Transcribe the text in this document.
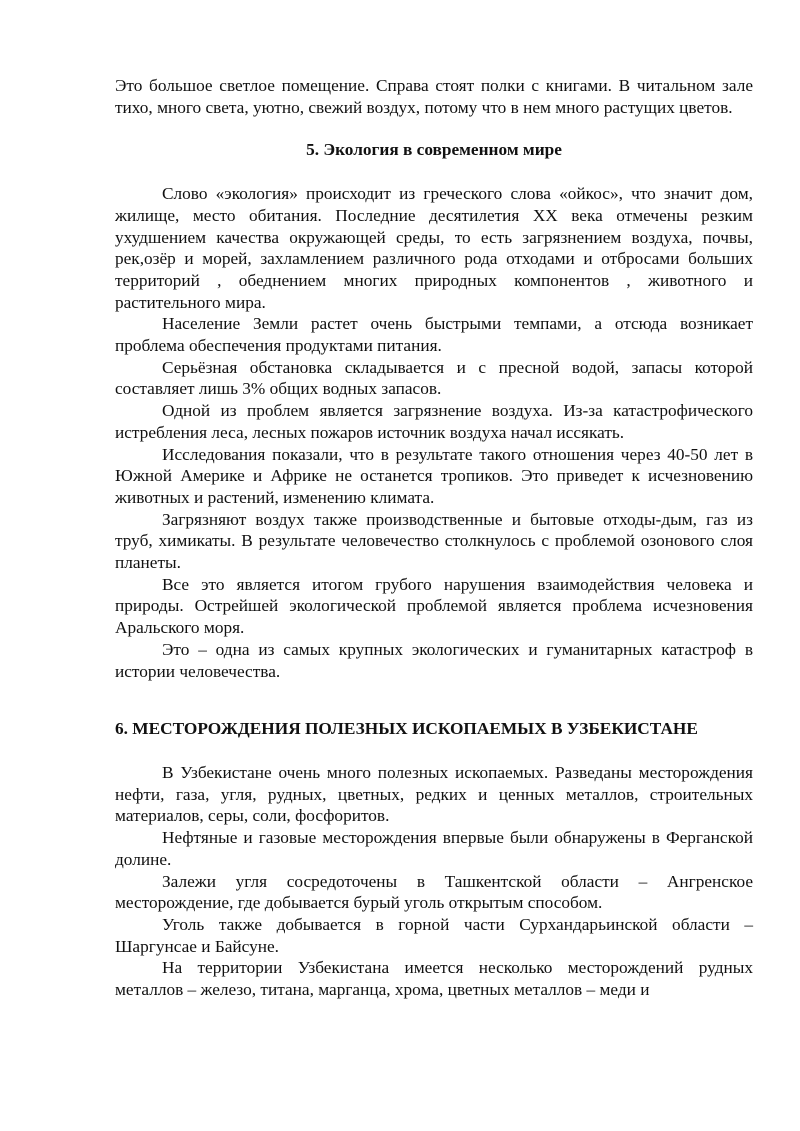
Это большое светлое помещение. Справа стоят полки с книгами. В читальном зале тихо, много света, уютно, свежий воздух, потому что в нем много растущих цветов.

5. Экология в современном мире

Слово «экология» происходит из греческого слова «ойкос», что значит дом, жилище, место обитания. Последние десятилетия XX века отмечены резким ухудшением качества окружающей среды, то есть загрязнением воздуха, почвы, рек,озёр и морей, захламлением различного рода отходами и отбросами больших территорий , обеднением многих природных компонентов , животного и растительного мира.

Население Земли растет очень быстрыми темпами, а отсюда возникает проблема обеспечения продуктами питания.

Серьёзная обстановка складывается и с пресной водой, запасы которой составляет лишь 3% общих водных запасов.

Одной из проблем является загрязнение воздуха. Из-за катастрофического истребления леса, лесных пожаров источник воздуха начал иссякать.

Исследования показали, что в результате такого отношения через 40-50 лет в Южной Америке и Африке не останется тропиков. Это приведет к исчезновению животных и растений, изменению климата.

Загрязняют воздух также производственные и бытовые отходы-дым, газ из труб, химикаты. В результате человечество столкнулось с проблемой озонового слоя планеты.

Все это является итогом грубого нарушения взаимодействия человека и природы. Острейшей экологической проблемой является проблема исчезновения Аральского моря.

Это – одна из самых крупных экологических и гуманитарных катастроф в истории человечества.

6. МЕСТОРОЖДЕНИЯ ПОЛЕЗНЫХ ИСКОПАЕМЫХ В УЗБЕКИСТАНЕ

В Узбекистане очень много полезных ископаемых. Разведаны месторождения нефти, газа, угля, рудных, цветных, редких и ценных металлов, строительных материалов, серы, соли, фосфоритов.

Нефтяные и газовые месторождения впервые были обнаружены в Ферганской долине.

Залежи угля сосредоточены в Ташкентской области – Ангренское месторождение, где добывается бурый уголь открытым способом.

Уголь также добывается в горной части Сурхандарьинской области – Шаргунсае и Байсуне.

На территории Узбекистана имеется несколько месторождений рудных металлов – железо, титана, марганца, хрома, цветных металлов – меди и
